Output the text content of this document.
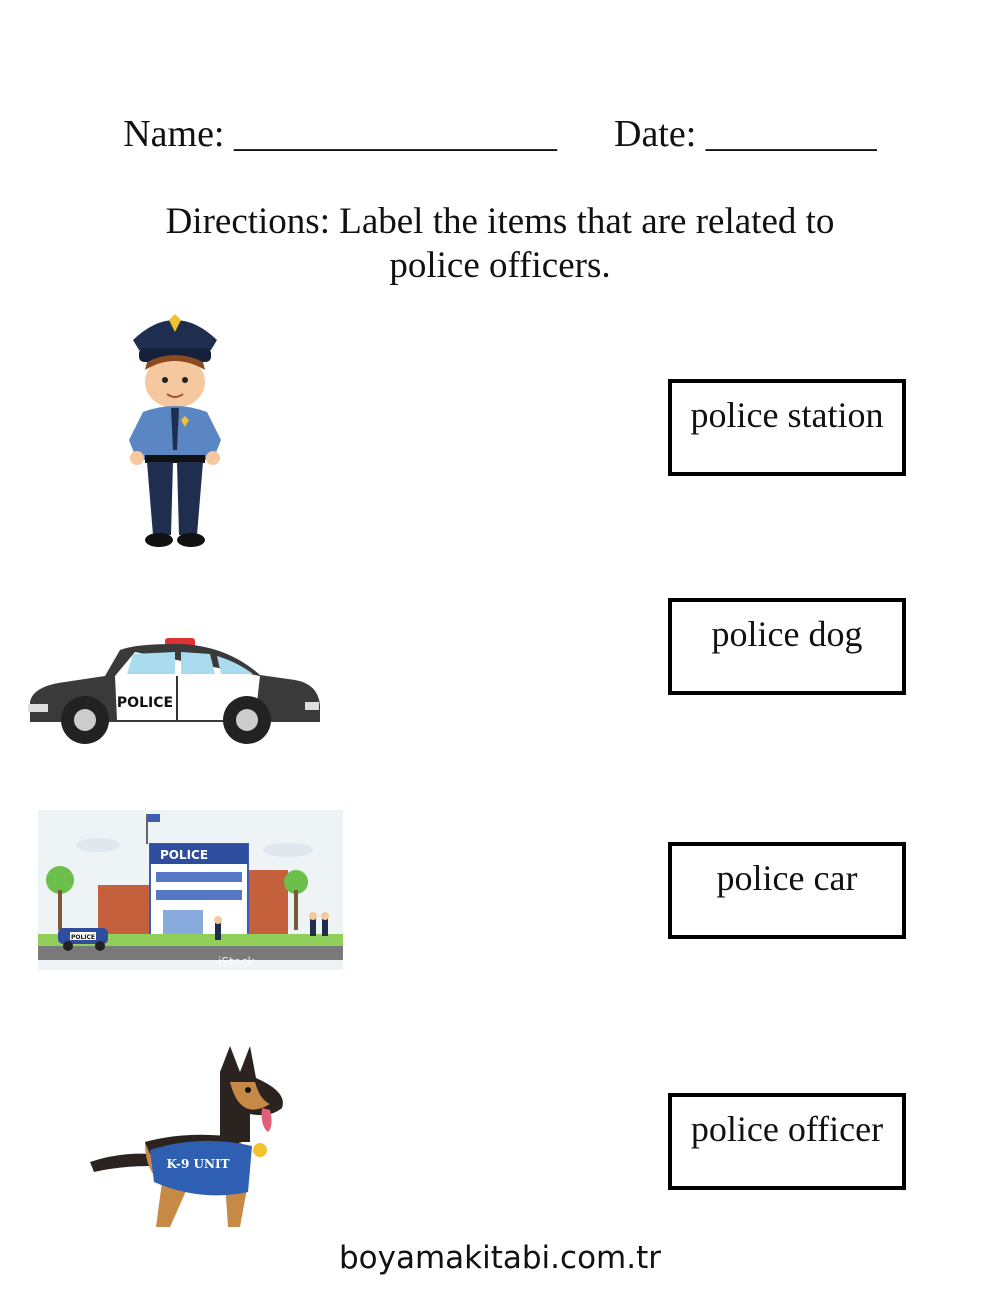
Name: _________________ Date: _________
Directions: Label the items that are related to
police officers.
POLICE
POLICE
POLICE
iStock
K-9 UNIT
police station
police dog
police car
police officer
boyamakitabi.com.tr
